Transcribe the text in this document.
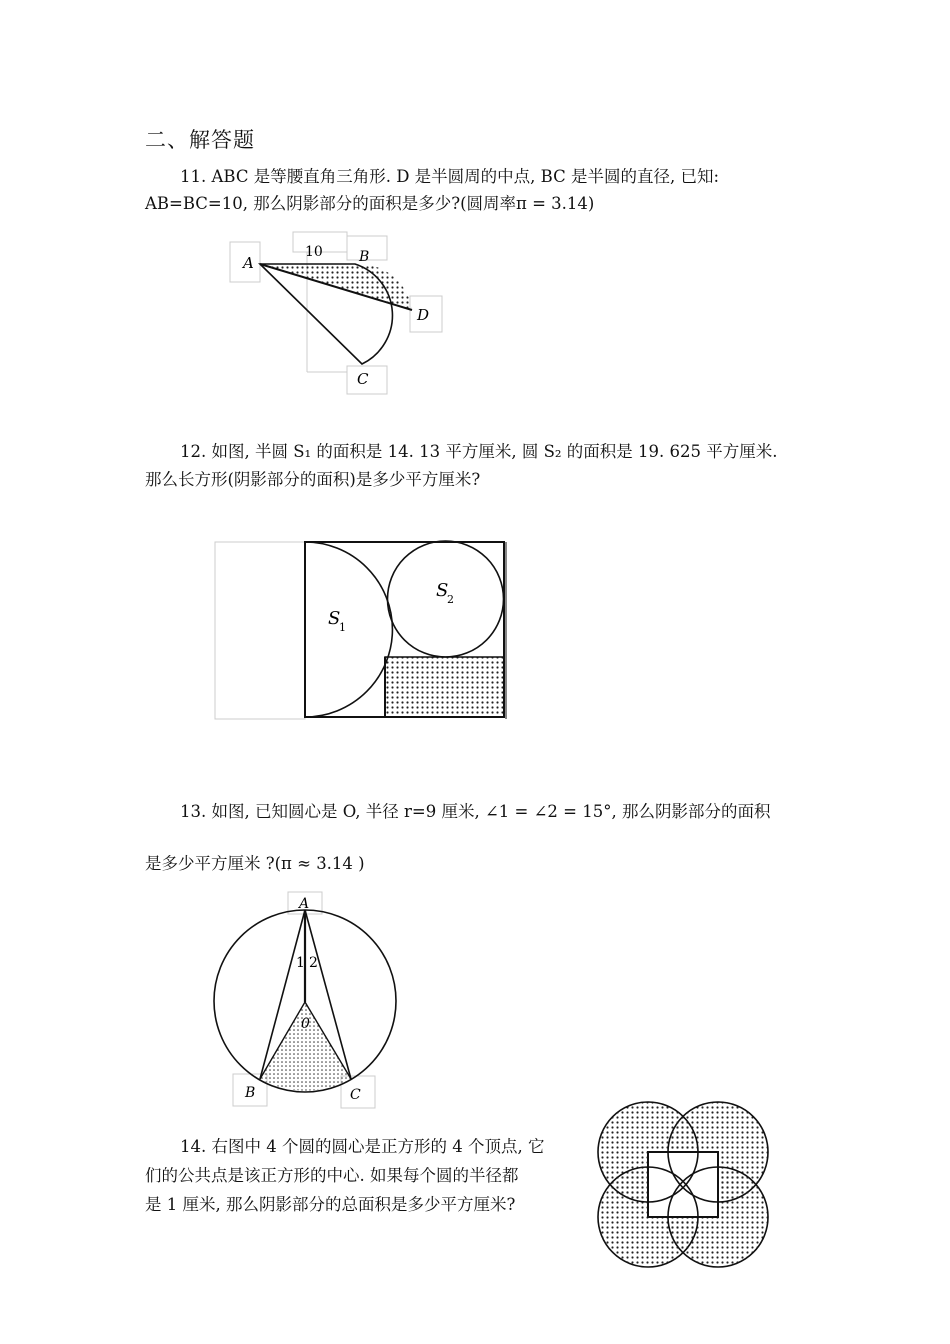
二、解答题
11. ABC 是等腰直角三角形. D 是半圆周的中点, BC 是半圆的直径, 已知:
AB=BC=10, 那么阴影部分的面积是多少?(圆周率π = 3.14)
A
10	B
D
C
S
1
S
2
A
1 2
0
B	C
12. 如图, 半圆 S₁ 的面积是 14. 13 平方厘米, 圆 S₂ 的面积是 19. 625 平方厘米.
那么长方形(阴影部分的面积)是多少平方厘米?
13. 如图, 已知圆心是 O, 半径 r=9 厘米, ∠1 = ∠2 = 15°, 那么阴影部分的面积
是多少平方厘米 ?(π ≈ 3.14 )
14. 右图中 4 个圆的圆心是正方形的 4 个顶点, 它
们的公共点是该正方形的中心. 如果每个圆的半径都
是 1 厘米, 那么阴影部分的总面积是多少平方厘米?
